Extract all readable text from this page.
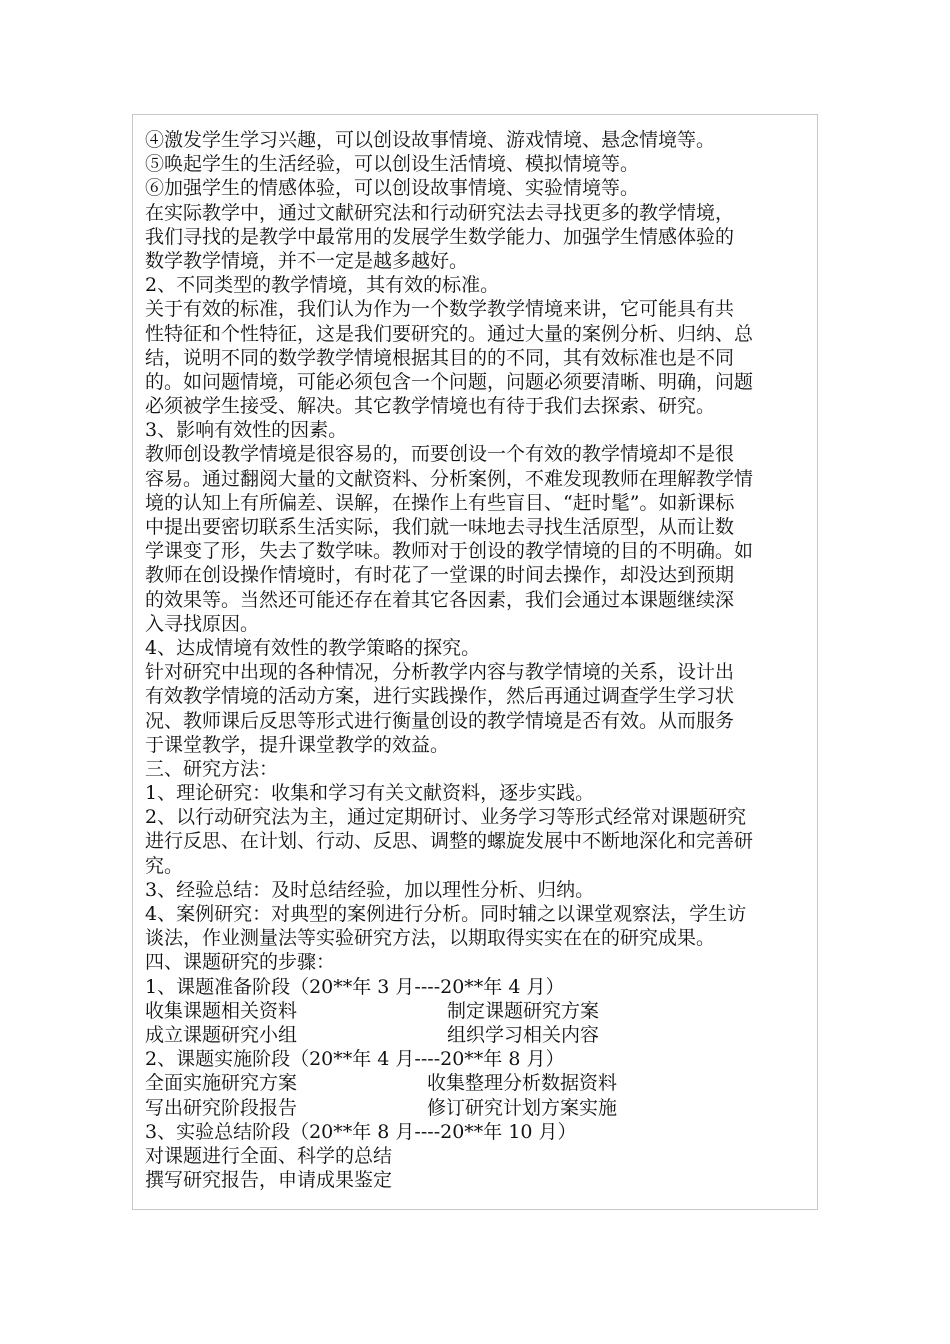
④激发学生学习兴趣，可以创设故事情境、游戏情境、悬念情境等。
⑤唤起学生的生活经验，可以创设生活情境、模拟情境等。
⑥加强学生的情感体验，可以创设故事情境、实验情境等。
在实际教学中，通过文献研究法和行动研究法去寻找更多的教学情境，
我们寻找的是教学中最常用的发展学生数学能力、加强学生情感体验的
数学教学情境，并不一定是越多越好。
2、不同类型的教学情境，其有效的标准。
关于有效的标准，我们认为作为一个数学教学情境来讲，它可能具有共
性特征和个性特征，这是我们要研究的。通过大量的案例分析、归纳、总
结，说明不同的数学教学情境根据其目的的不同，其有效标准也是不同
的。如问题情境，可能必须包含一个问题，问题必须要清晰、明确，问题
必须被学生接受、解决。其它教学情境也有待于我们去探索、研究。
3、影响有效性的因素。
教师创设教学情境是很容易的，而要创设一个有效的教学情境却不是很
容易。通过翻阅大量的文献资料、分析案例，不难发现教师在理解教学情
境的认知上有所偏差、误解，在操作上有些盲目、“赶时髦”。如新课标
中提出要密切联系生活实际，我们就一味地去寻找生活原型，从而让数
学课变了形，失去了数学味。教师对于创设的教学情境的目的不明确。如
教师在创设操作情境时，有时花了一堂课的时间去操作，却没达到预期
的效果等。当然还可能还存在着其它各因素，我们会通过本课题继续深
入寻找原因。
4、达成情境有效性的教学策略的探究。
针对研究中出现的各种情况，分析教学内容与教学情境的关系，设计出
有效教学情境的活动方案，进行实践操作，然后再通过调查学生学习状
况、教师课后反思等形式进行衡量创设的教学情境是否有效。从而服务
于课堂教学，提升课堂教学的效益。
三、研究方法：
1、理论研究：收集和学习有关文献资料，逐步实践。
2、以行动研究法为主，通过定期研讨、业务学习等形式经常对课题研究
进行反思、在计划、行动、反思、调整的螺旋发展中不断地深化和完善研
究。
3、经验总结：及时总结经验，加以理性分析、归纳。
4、案例研究：对典型的案例进行分析。同时辅之以课堂观察法，学生访
谈法，作业测量法等实验研究方法，以期取得实实在在的研究成果。
四、课题研究的步骤：
1、课题准备阶段（20**年 3 月----20**年 4 月）
收集课题相关资料	制定课题研究方案
成立课题研究小组	组织学习相关内容
2、课题实施阶段（20**年 4 月----20**年 8 月）
全面实施研究方案	收集整理分析数据资料
写出研究阶段报告	修订研究计划方案实施
3、实验总结阶段（20**年 8 月----20**年 10 月）
对课题进行全面、科学的总结
撰写研究报告，申请成果鉴定
